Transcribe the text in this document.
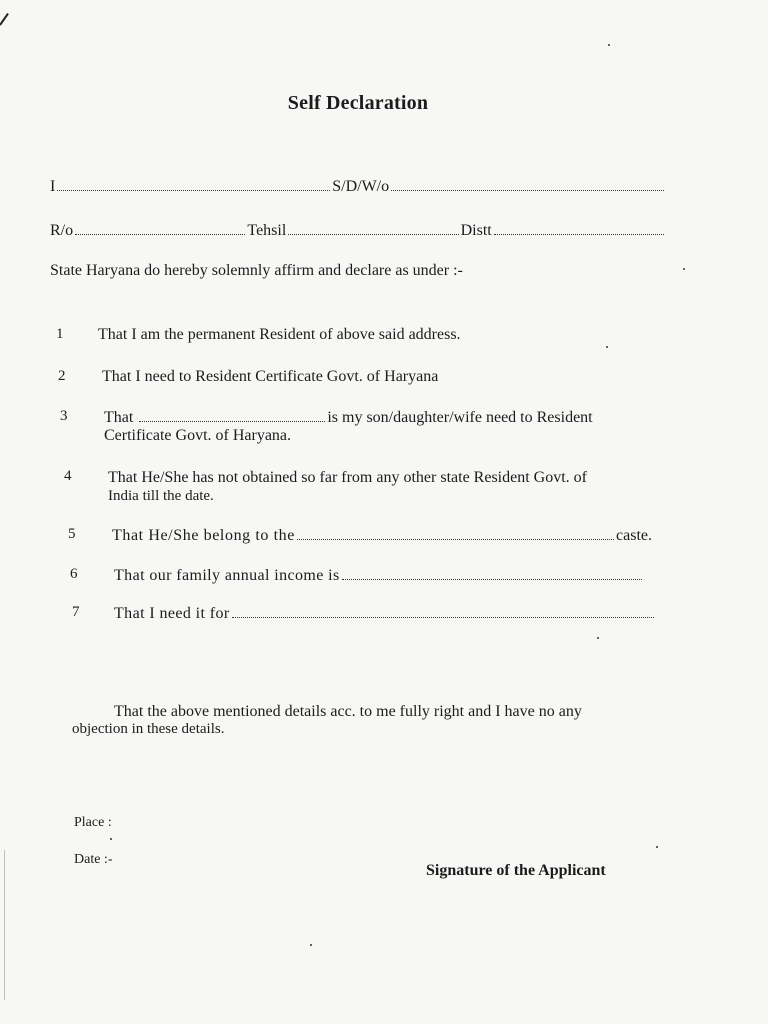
Self Declaration
I	S/D/W/o
R/o	Tehsil	Distt
State Haryana do hereby solemnly affirm and declare as under :-
1 That I am the permanent Resident of above said address.
2 That I need to Resident Certificate Govt. of Haryana
3 That	is my son/daughter/wife need to Resident
Certificate Govt. of Haryana.
4 That He/She has not obtained so far from any other state Resident Govt. of
India till the date.
5 That He/She belong to the	caste.
6 That our family annual income is
7 That I need it for
That the above mentioned details acc. to me fully right and I have no any
objection in these details.
Place :
Date :-
Signature of the Applicant
